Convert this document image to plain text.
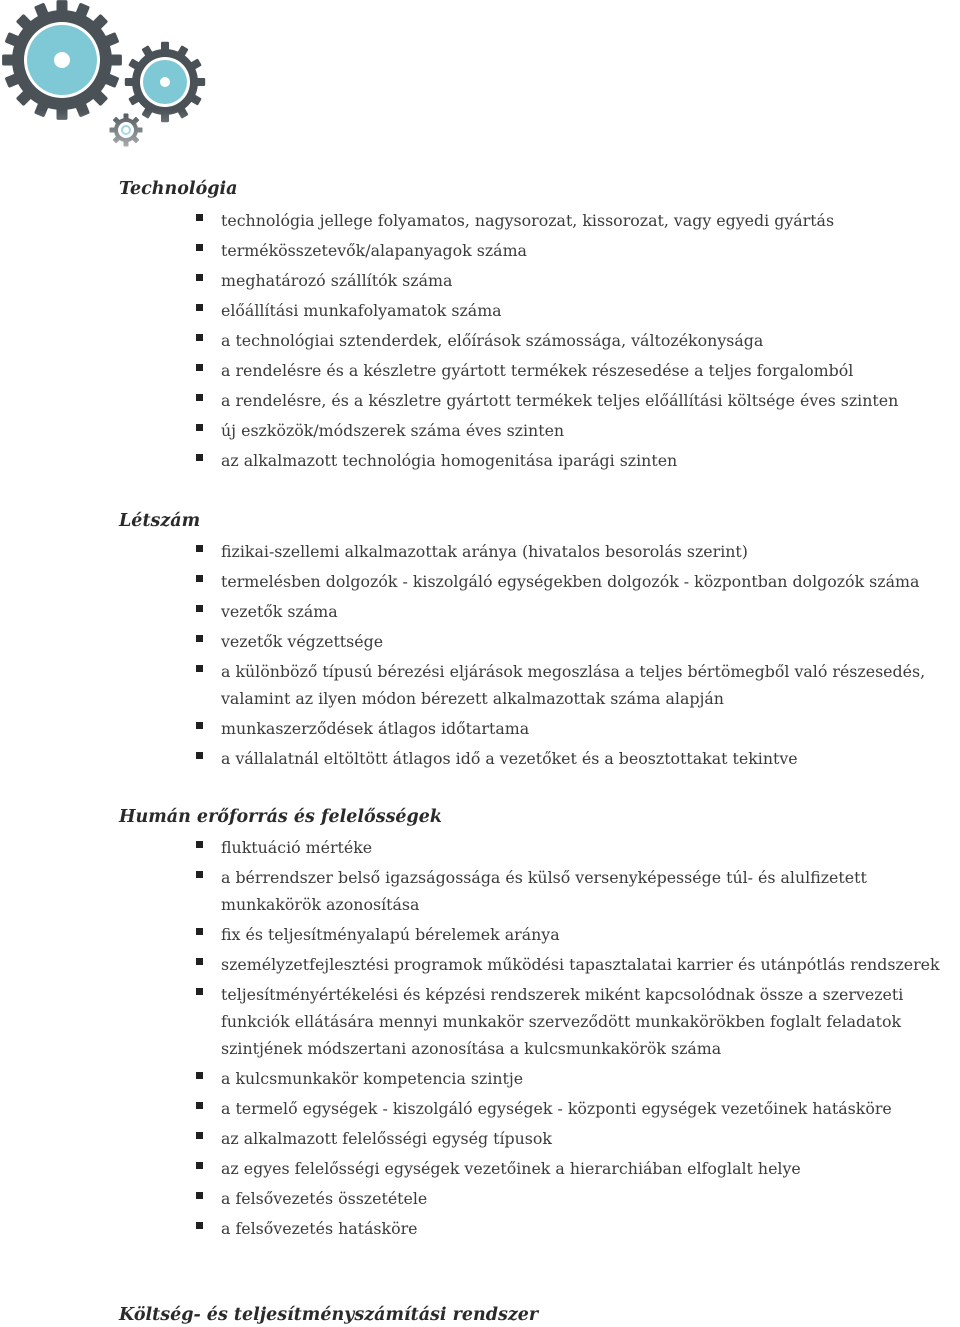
Technológia
technológia jellege folyamatos, nagysorozat, kissorozat, vagy egyedi gyártás
termékösszetevők/alapanyagok száma
meghatározó szállítók száma
előállítási munkafolyamatok száma
a technológiai sztenderdek, előírások számossága, változékonysága
a rendelésre és a készletre gyártott termékek részesedése a teljes forgalomból
a rendelésre, és a készletre gyártott termékek teljes előállítási költsége éves szinten
új eszközök/módszerek száma éves szinten
az alkalmazott technológia homogenitása iparági szinten
Létszám
fizikai-szellemi alkalmazottak aránya (hivatalos besorolás szerint)
termelésben dolgozók - kiszolgáló egységekben dolgozók - központban dolgozók száma
vezetők száma
vezetők végzettsége
a különböző típusú bérezési eljárások megoszlása a teljes bértömegből való részesedés, valamint az ilyen módon bérezett alkalmazottak száma alapján
munkaszerződések átlagos időtartama
a vállalatnál eltöltött átlagos idő a vezetőket és a beosztottakat tekintve
Humán erőforrás és felelősségek
fluktuáció mértéke
a bérrendszer belső igazságossága és külső versenyképessége túl- és alulfizetett munkakörök azonosítása
fix és teljesítményalapú bérelemek aránya
személyzetfejlesztési programok működési tapasztalatai karrier és utánpótlás rendszerek
teljesítményértékelési és képzési rendszerek miként kapcsolódnak össze a szervezeti funkciók ellátására mennyi munkakör szerveződött munkakörökben foglalt feladatok szintjének módszertani azonosítása a kulcsmunkakörök száma
a kulcsmunkakör kompetencia szintje
a termelő egységek - kiszolgáló egységek - központi egységek vezetőinek hatásköre
az alkalmazott felelősségi egység típusok
az egyes felelősségi egységek vezetőinek a hierarchiában elfoglalt helye
a felsővezetés összetétele
a felsővezetés hatásköre
Költség- és teljesítményszámítási rendszer
